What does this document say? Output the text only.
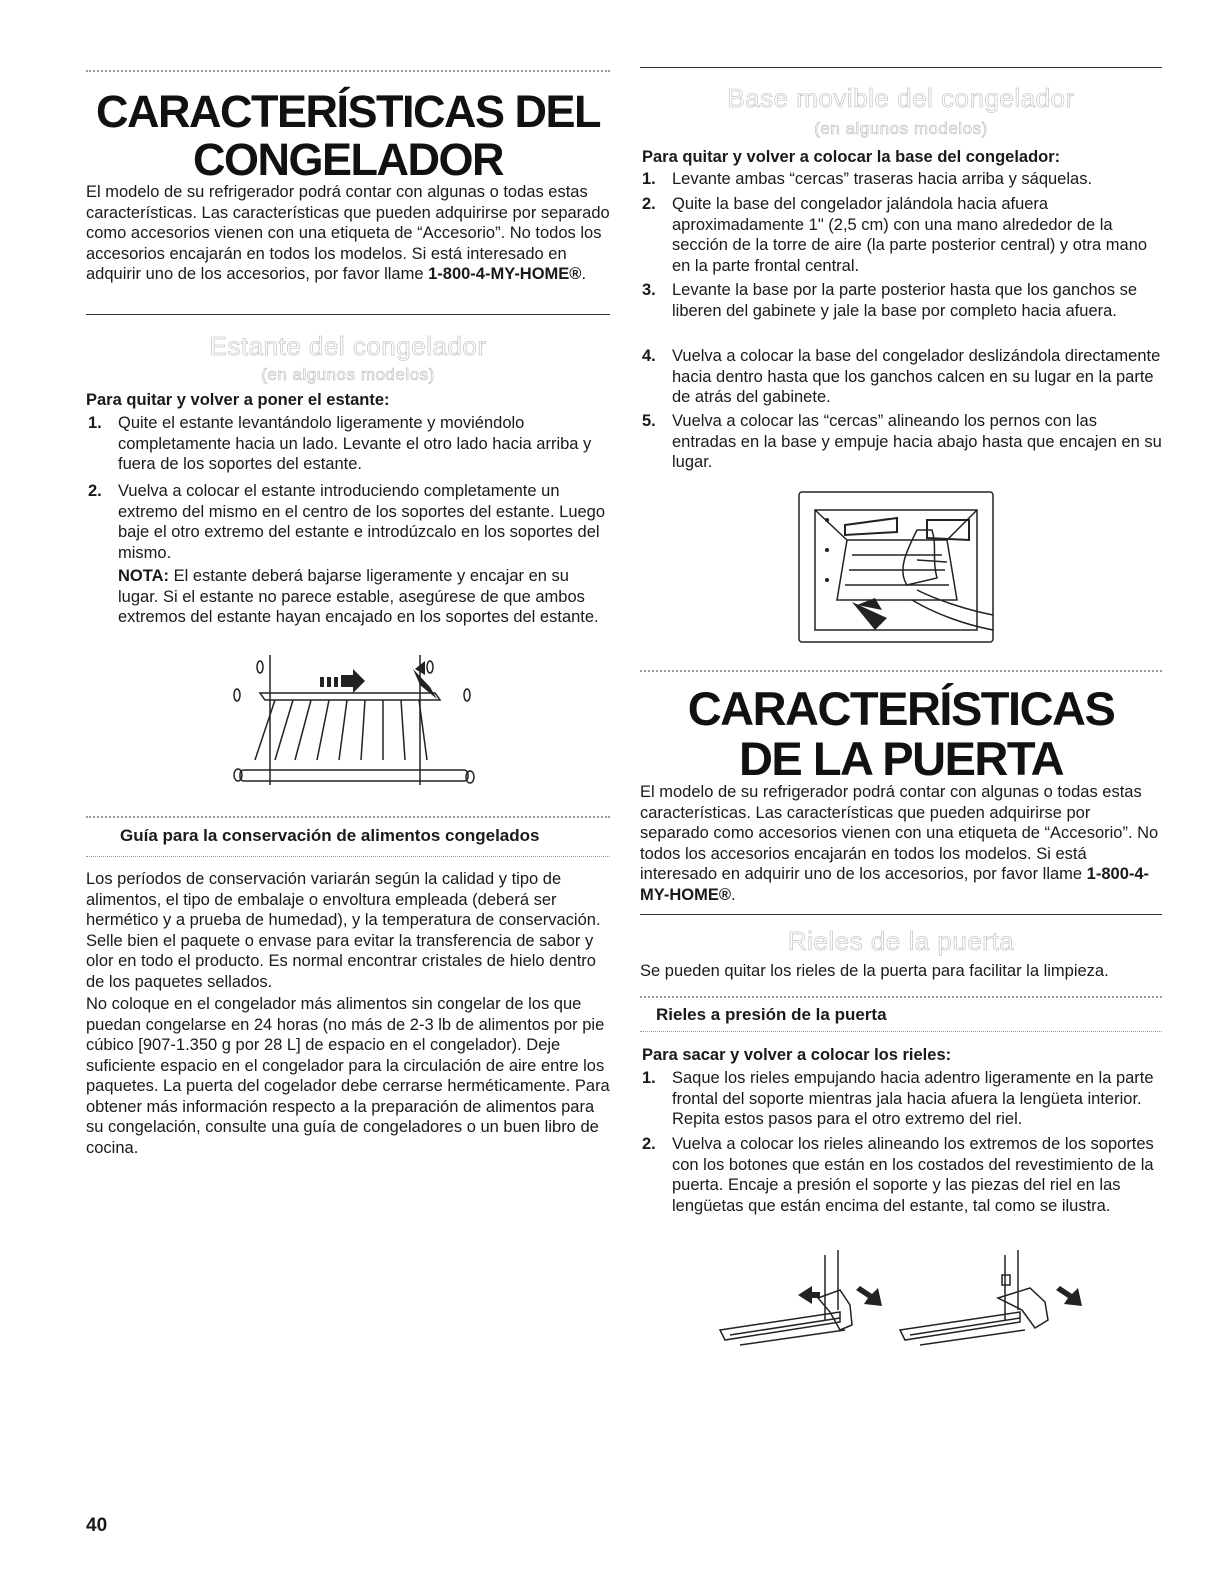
CARACTERÍSTICAS DEL
CONGELADOR
El modelo de su refrigerador podrá contar con algunas o todas estas características. Las características que pueden adquirirse por separado como accesorios vienen con una etiqueta de “Accesorio”. No todos los accesorios encajarán en todos los modelos. Si está interesado en adquirir uno de los accesorios, por favor llame 1-800-4-MY-HOME®.
Estante del congelador
(en algunos modelos)
Para quitar y volver a poner el estante:
1. Quite el estante levantándolo ligeramente y moviéndolo completamente hacia un lado. Levante el otro lado hacia arriba y fuera de los soportes del estante.
2. Vuelva a colocar el estante introduciendo completamente un extremo del mismo en el centro de los soportes del estante. Luego baje el otro extremo del estante e introdúzcalo en los soportes del mismo.
NOTA: El estante deberá bajarse ligeramente y encajar en su lugar. Si el estante no parece estable, asegúrese de que ambos extremos del estante hayan encajado en los soportes del estante.
Guía para la conservación de alimentos congelados
Los períodos de conservación variarán según la calidad y tipo de alimentos, el tipo de embalaje o envoltura empleada (deberá ser hermético y a prueba de humedad), y la temperatura de conservación. Selle bien el paquete o envase para evitar la transferencia de sabor y olor en todo el producto. Es normal encontrar cristales de hielo dentro de los paquetes sellados.
No coloque en el congelador más alimentos sin congelar de los que puedan congelarse en 24 horas (no más de 2-3 lb de alimentos por pie cúbico [907-1.350 g por 28 L] de espacio en el congelador). Deje suficiente espacio en el congelador para la circulación de aire entre los paquetes. La puerta del cogelador debe cerrarse herméticamente. Para obtener más información respecto a la preparación de alimentos para su congelación, consulte una guía de congeladores o un buen libro de cocina.
40
Base movible del congelador
(en algunos modelos)
Para quitar y volver a colocar la base del congelador:
1. Levante ambas “cercas” traseras hacia arriba y sáquelas.
2. Quite la base del congelador jalándola hacia afuera aproximadamente 1" (2,5 cm) con una mano alrededor de la sección de la torre de aire (la parte posterior central) y otra mano en la parte frontal central.
3. Levante la base por la parte posterior hasta que los ganchos se liberen del gabinete y jale la base por completo hacia afuera.
4. Vuelva a colocar la base del congelador deslizándola directamente hacia dentro hasta que los ganchos calcen en su lugar en la parte de atrás del gabinete.
5. Vuelva a colocar las “cercas” alineando los pernos con las entradas en la base y empuje hacia abajo hasta que encajen en su lugar.
CARACTERÍSTICAS
DE LA PUERTA
El modelo de su refrigerador podrá contar con algunas o todas estas características. Las características que pueden adquirirse por separado como accesorios vienen con una etiqueta de “Accesorio”. No todos los accesorios encajarán en todos los modelos. Si está interesado en adquirir uno de los accesorios, por favor llame 1-800-4-MY-HOME®.
Rieles de la puerta
Se pueden quitar los rieles de la puerta para facilitar la limpieza.
Rieles a presión de la puerta
Para sacar y volver a colocar los rieles:
1. Saque los rieles empujando hacia adentro ligeramente en la parte frontal del soporte mientras jala hacia afuera la lengüeta interior. Repita estos pasos para el otro extremo del riel.
2. Vuelva a colocar los rieles alineando los extremos de los soportes con los botones que están en los costados del revestimiento de la puerta. Encaje a presión el soporte y las piezas del riel en las lengüetas que están encima del estante, tal como se ilustra.
